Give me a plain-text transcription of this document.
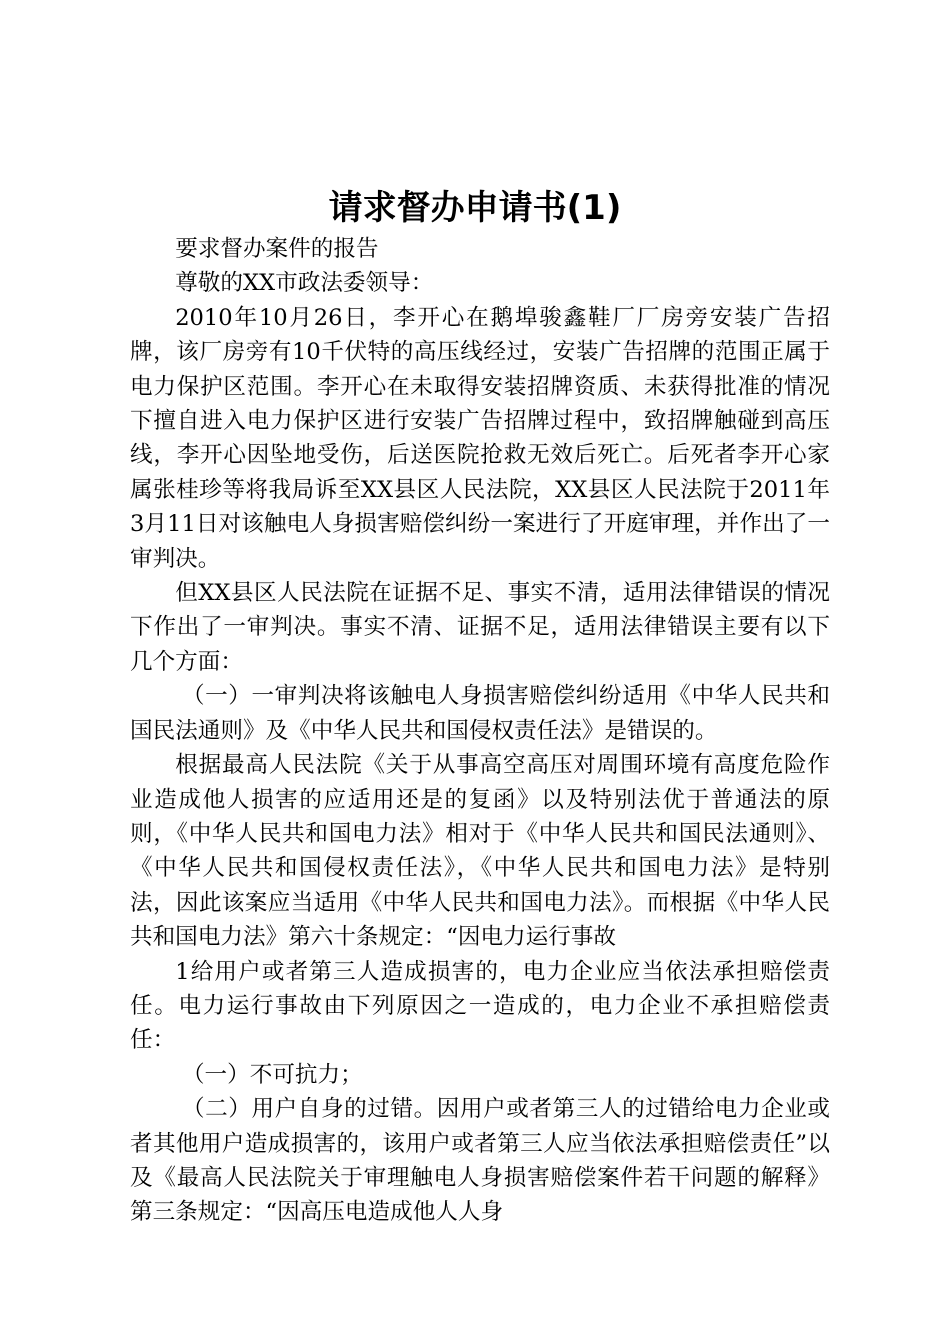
请求督办申请书(1)

要求督办案件的报告

尊敬的XX市政法委领导：

2010年10月26日，李开心在鹅埠骏鑫鞋厂厂房旁安装广告招牌，该厂房旁有10千伏特的高压线经过，安装广告招牌的范围正属于电力保护区范围。李开心在未取得安装招牌资质、未获得批准的情况下擅自进入电力保护区进行安装广告招牌过程中，致招牌触碰到高压线，李开心因坠地受伤，后送医院抢救无效后死亡。后死者李开心家属张桂珍等将我局诉至XX县区人民法院，XX县区人民法院于2011年3月11日对该触电人身损害赔偿纠纷一案进行了开庭审理，并作出了一审判决。

但XX县区人民法院在证据不足、事实不清，适用法律错误的情况下作出了一审判决。事实不清、证据不足，适用法律错误主要有以下几个方面：

（一）一审判决将该触电人身损害赔偿纠纷适用《中华人民共和国民法通则》及《中华人民共和国侵权责任法》是错误的。

根据最高人民法院《关于从事高空高压对周围环境有高度危险作业造成他人损害的应适用还是的复函》以及特别法优于普通法的原则，《中华人民共和国电力法》相对于《中华人民共和国民法通则》、《中华人民共和国侵权责任法》，《中华人民共和国电力法》是特别法，因此该案应当适用《中华人民共和国电力法》。而根据《中华人民共和国电力法》第六十条规定：“因电力运行事故

1给用户或者第三人造成损害的，电力企业应当依法承担赔偿责任。电力运行事故由下列原因之一造成的，电力企业不承担赔偿责任：

（一）不可抗力；

（二）用户自身的过错。因用户或者第三人的过错给电力企业或者其他用户造成损害的，该用户或者第三人应当依法承担赔偿责任”以及《最高人民法院关于审理触电人身损害赔偿案件若干问题的解释》第三条规定：“因高压电造成他人人身
